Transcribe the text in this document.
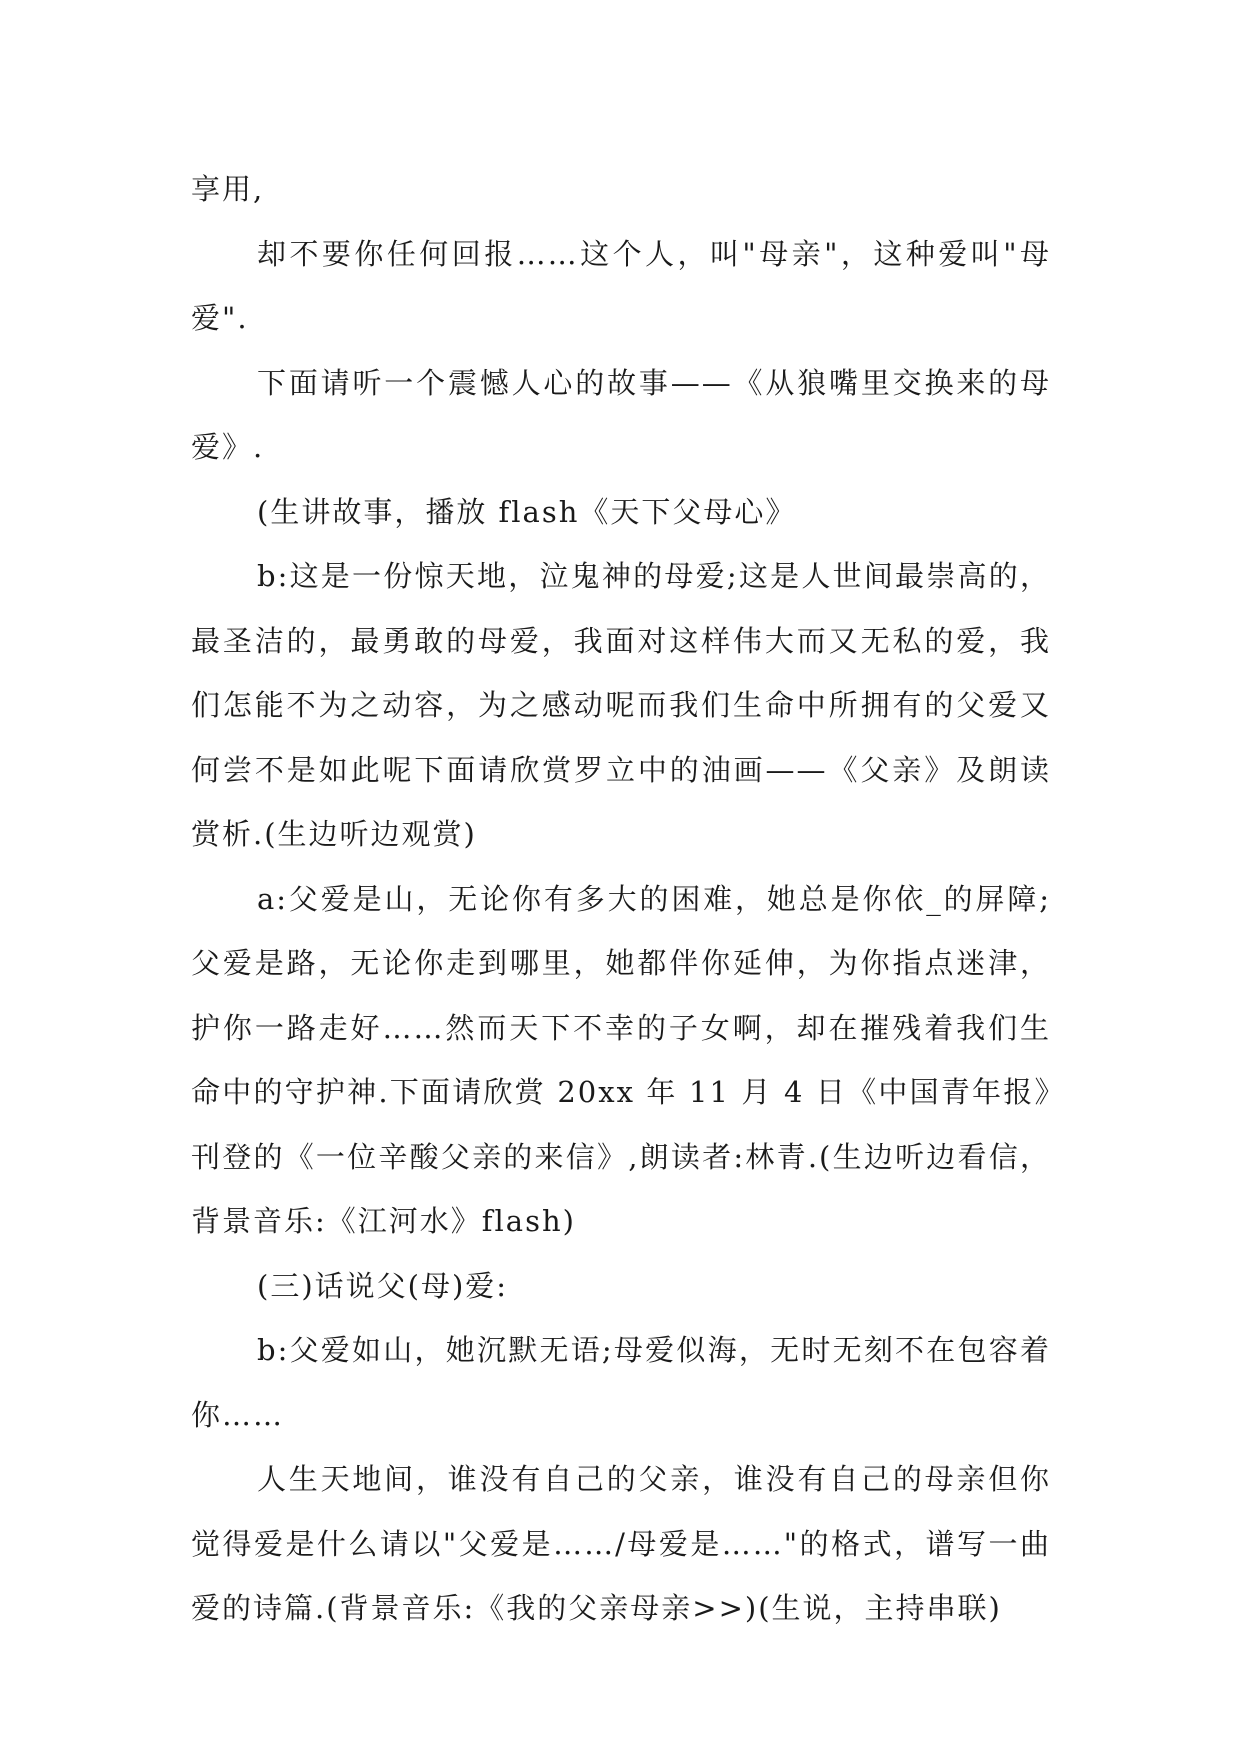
享用,

却不要你任何回报……这个人，叫"母亲"，这种爱叫"母爱".

下面请听一个震憾人心的故事——《从狼嘴里交换来的母爱》.

(生讲故事，播放 flash《天下父母心》

b:这是一份惊天地，泣鬼神的母爱;这是人世间最崇高的，最圣洁的，最勇敢的母爱，我面对这样伟大而又无私的爱，我们怎能不为之动容，为之感动呢而我们生命中所拥有的父爱又何尝不是如此呢下面请欣赏罗立中的油画——《父亲》及朗读赏析.(生边听边观赏)

a:父爱是山，无论你有多大的困难，她总是你依_的屏障;父爱是路，无论你走到哪里，她都伴你延伸，为你指点迷津，护你一路走好……然而天下不幸的子女啊，却在摧残着我们生命中的守护神.下面请欣赏 20xx 年 11 月 4 日《中国青年报》刊登的《一位辛酸父亲的来信》,朗读者:林青.(生边听边看信，背景音乐:《江河水》flash)

(三)话说父(母)爱:

b:父爱如山，她沉默无语;母爱似海，无时无刻不在包容着你……

人生天地间，谁没有自己的父亲，谁没有自己的母亲但你觉得爱是什么请以"父爱是……/母爱是……"的格式，谱写一曲爱的诗篇.(背景音乐:《我的父亲母亲>>)(生说，主持串联)
